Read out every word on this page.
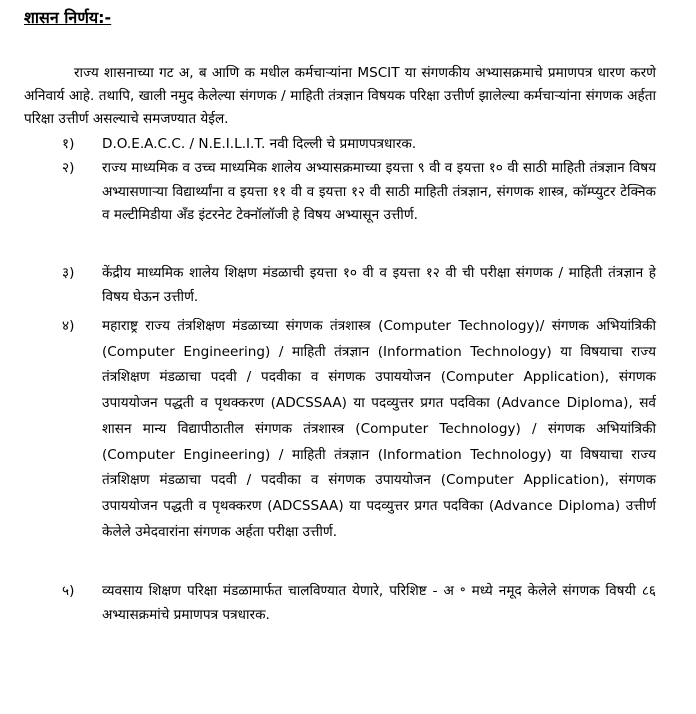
शासन निर्णय:-
राज्य शासनाच्या गट अ, ब आणि क मधील कर्मचाऱ्यांना MSCIT या संगणकीय अभ्यासक्रमाचे प्रमाणपत्र धारण करणे अनिवार्य आहे. तथापि, खाली नमुद केलेल्या संगणक / माहिती तंत्रज्ञान विषयक परिक्षा उत्तीर्ण झालेल्या कर्मचाऱ्यांना संगणक अर्हता परिक्षा उत्तीर्ण असल्याचे समजण्यात येईल.
१)	D.O.E.A.C.C. / N.E.I.L.I.T. नवी दिल्ली चे प्रमाणपत्रधारक.
२)	राज्य माध्यमिक व उच्च माध्यमिक शालेय अभ्यासक्रमाच्या इयत्ता ९ वी व इयत्ता १० वी साठी माहिती तंत्रज्ञान विषय अभ्यासणाऱ्या विद्यार्थ्यांना व इयत्ता ११ वी व इयत्ता १२ वी साठी माहिती तंत्रज्ञान, संगणक शास्त्र, कॉम्प्युटर टेक्निक व मल्टीमिडीया अँड इंटरनेट टेक्नॉलॉजी हे विषय अभ्यासून उत्तीर्ण.
३)	केंद्रीय माध्यमिक शालेय शिक्षण मंडळाची इयत्ता १० वी व इयत्ता १२ वी ची परीक्षा संगणक / माहिती तंत्रज्ञान हे विषय घेऊन उत्तीर्ण.
४)	महाराष्ट्र राज्य तंत्रशिक्षण मंडळाच्या संगणक तंत्रशास्त्र (Computer Technology)/ संगणक अभियांत्रिकी (Computer Engineering) / माहिती तंत्रज्ञान (Information Technology) या विषयाचा राज्य तंत्रशिक्षण मंडळाचा पदवी / पदवीका व संगणक उपाययोजन (Computer Application), संगणक उपाययोजन पद्धती व पृथक्करण (ADCSSAA) या पदव्युत्तर प्रगत पदविका (Advance Diploma), सर्व शासन मान्य विद्यापीठातील संगणक तंत्रशास्त्र (Computer Technology) / संगणक अभियांत्रिकी (Computer Engineering) / माहिती तंत्रज्ञान (Information Technology) या विषयाचा राज्य तंत्रशिक्षण मंडळाचा पदवी / पदवीका व संगणक उपाययोजन (Computer Application), संगणक उपाययोजन पद्धती व पृथक्करण (ADCSSAA) या पदव्युत्तर प्रगत पदविका (Advance Diploma) उत्तीर्ण केलेले उमेदवारांना संगणक अर्हता परीक्षा उत्तीर्ण.
५)	व्यवसाय शिक्षण परिक्षा मंडळामार्फत चालविण्यात येणारे, परिशिष्ट - अ ॰ मध्ये नमूद केलेले संगणक विषयी ८६ अभ्यासक्रमांचे प्रमाणपत्र पत्रधारक.
